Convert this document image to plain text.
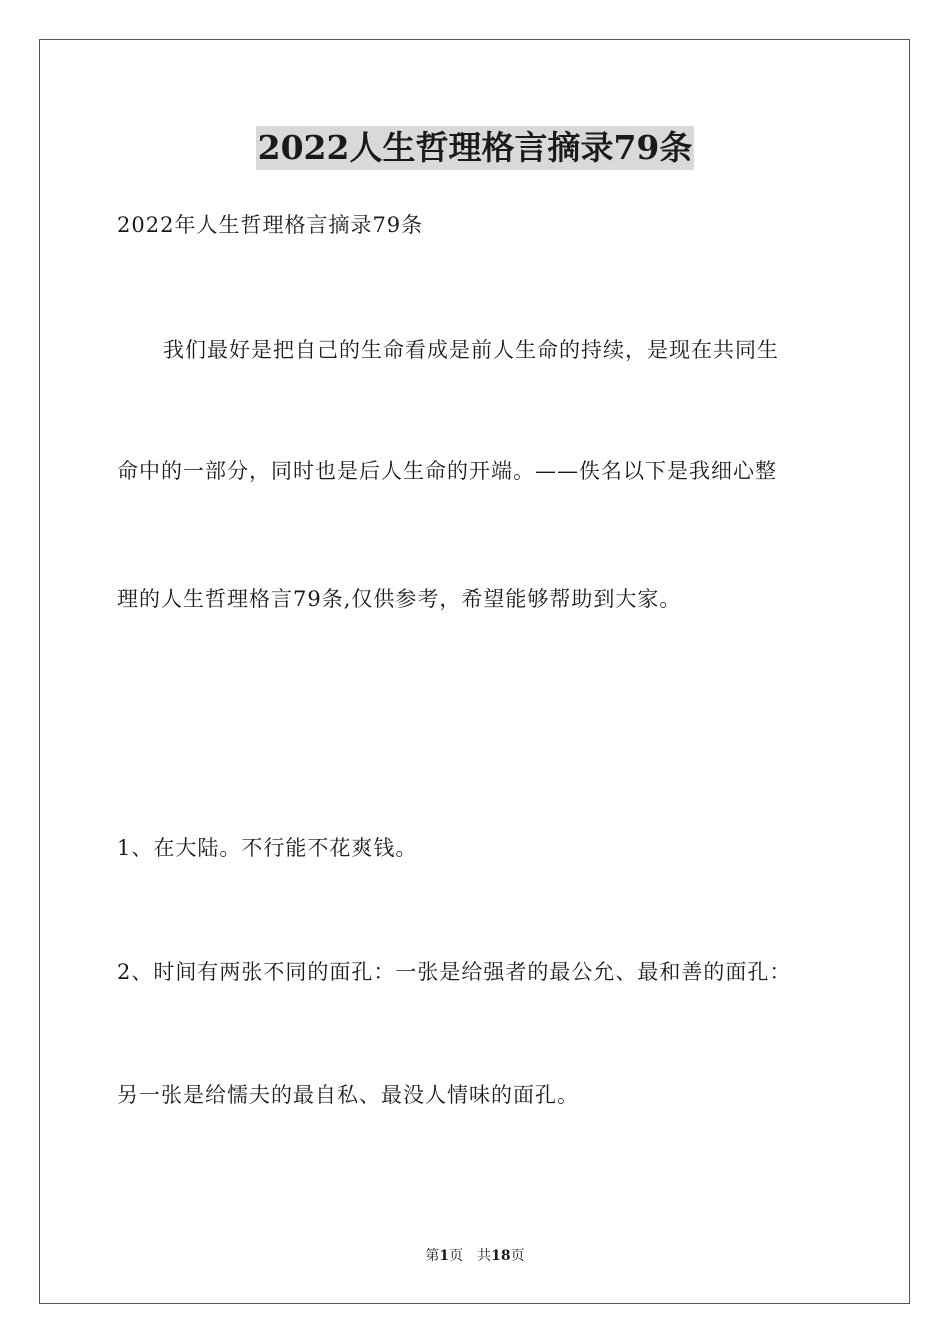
2022人生哲理格言摘录79条
2022年人生哲理格言摘录79条
我们最好是把自己的生命看成是前人生命的持续，是现在共同生
命中的一部分，同时也是后人生命的开端。——佚名以下是我细心整
理的人生哲理格言79条,仅供参考，希望能够帮助到大家。
1、在大陆。不行能不花爽钱。
2、时间有两张不同的面孔：一张是给强者的最公允、最和善的面孔：
另一张是给懦夫的最自私、最没人情味的面孔。
第1页 共18页
